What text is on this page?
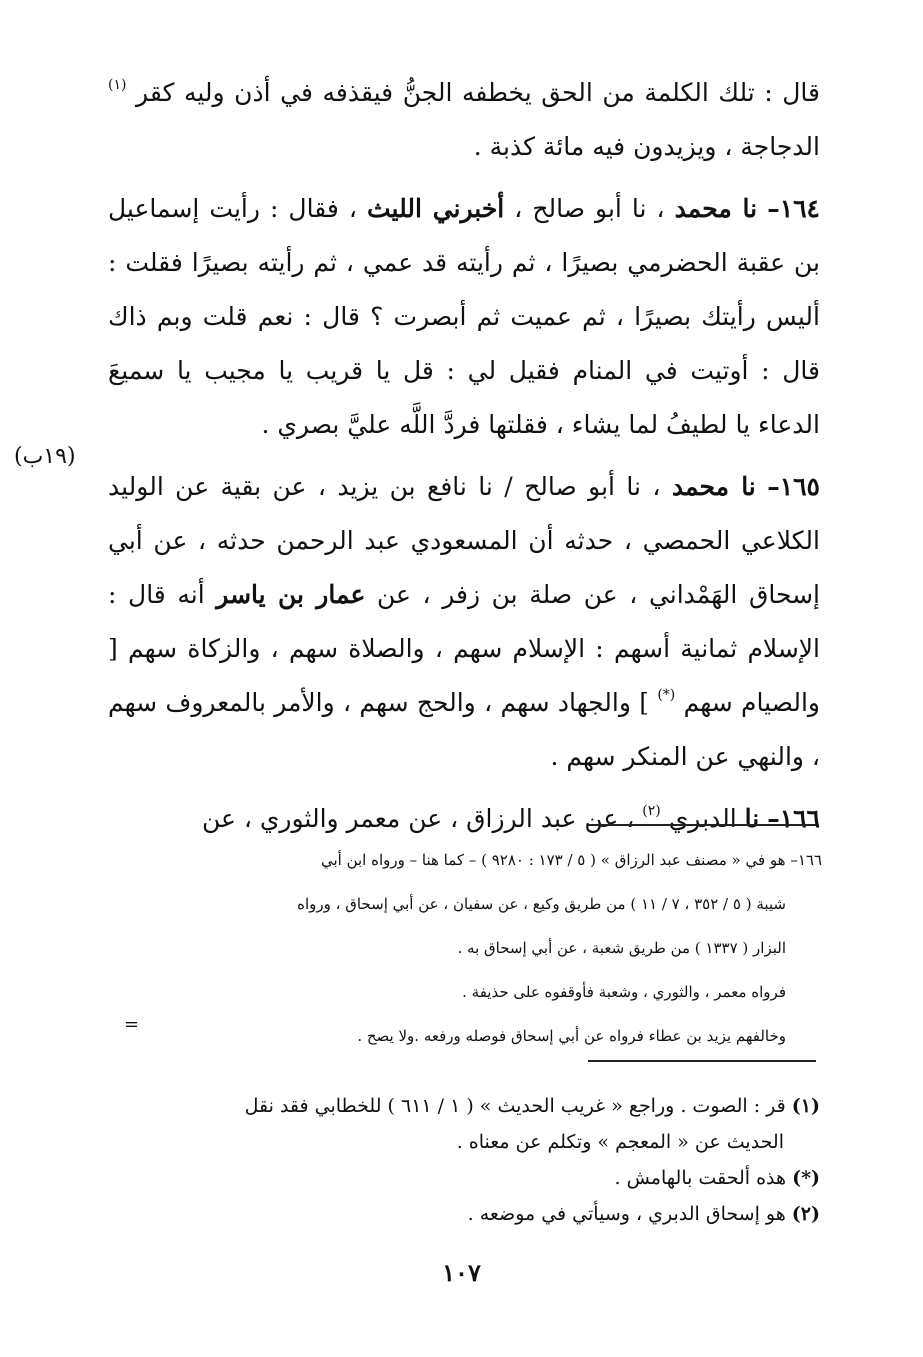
قال : تلك الكلمة من الحق يخطفه الجنُّ فيقذفه في أذن وليه كقر $^{(١)}$ الدجاجة ، ويزيدون فيه مائة كذبة .

١٦٤– نا محمد ، نا أبو صالح ، أخبرني الليث ، فقال : رأيت إسماعيل بن عقبة الحضرمي بصيرًا ، ثم رأيته قد عمي ، ثم رأيته بصيرًا فقلت : أليس رأيتك بصيرًا ، ثم عميت ثم أبصرت ؟ قال : نعم قلت وبم ذاك قال : أوتيت في المنام فقيل لي : قل يا قريب يا مجيب يا سميعَ الدعاء يا لطيفُ لما يشاء ، فقلتها فردَّ اللَّه عليَّ بصري .

١٦٥– نا محمد ، نا أبو صالح / نا نافع بن يزيد ، عن بقية عن الوليد الكلاعي الحمصي ، حدثه أن المسعودي عبد الرحمن حدثه ، عن أبي إسحاق الهَمْداني ، عن صلة بن زفر ، عن عمار بن ياسر أنه قال : الإسلام ثمانية أسهم : الإسلام سهم ، والصلاة سهم ، والزكاة سهم [ والصيام سهم (*) ] والجهاد سهم ، والحج سهم ، والأمر بالمعروف سهم ، والنهي عن المنكر سهم .

١٦٦– نا الدبري $^{(٢)}$ ، عن عبد الرزاق ، عن معمر والثوري ، عن

(١٩ب)

١٦٦– هو في « مصنف عبد الرزاق » ( ٥ / ١٧٣ : ٩٢٨٠ ) – كما هنا – ورواه ابن أبي

شيبة ( ٥ / ٣٥٢ ، ٧ / ١١ ) من طريق وكيع ، عن سفيان ، عن أبي إسحاق ، ورواه

البزار ( ١٣٣٧ ) من طريق شعبة ، عن أبي إسحاق به .

فرواه معمر ، والثوري ، وشعبة فأوقفوه على حذيفة .

وخالفهم يزيد بن عطاء فرواه عن أبي إسحاق فوصله ورفعه .ولا يصح .

=

(١) قر : الصوت . وراجع « غريب الحديث » ( ١ / ٦١١ ) للخطابي فقد نقل

الحديث عن « المعجم » وتكلم عن معناه .

(*) هذه ألحقت بالهامش .

(٢) هو إسحاق الدبري ، وسيأتي في موضعه .

١٠٧
